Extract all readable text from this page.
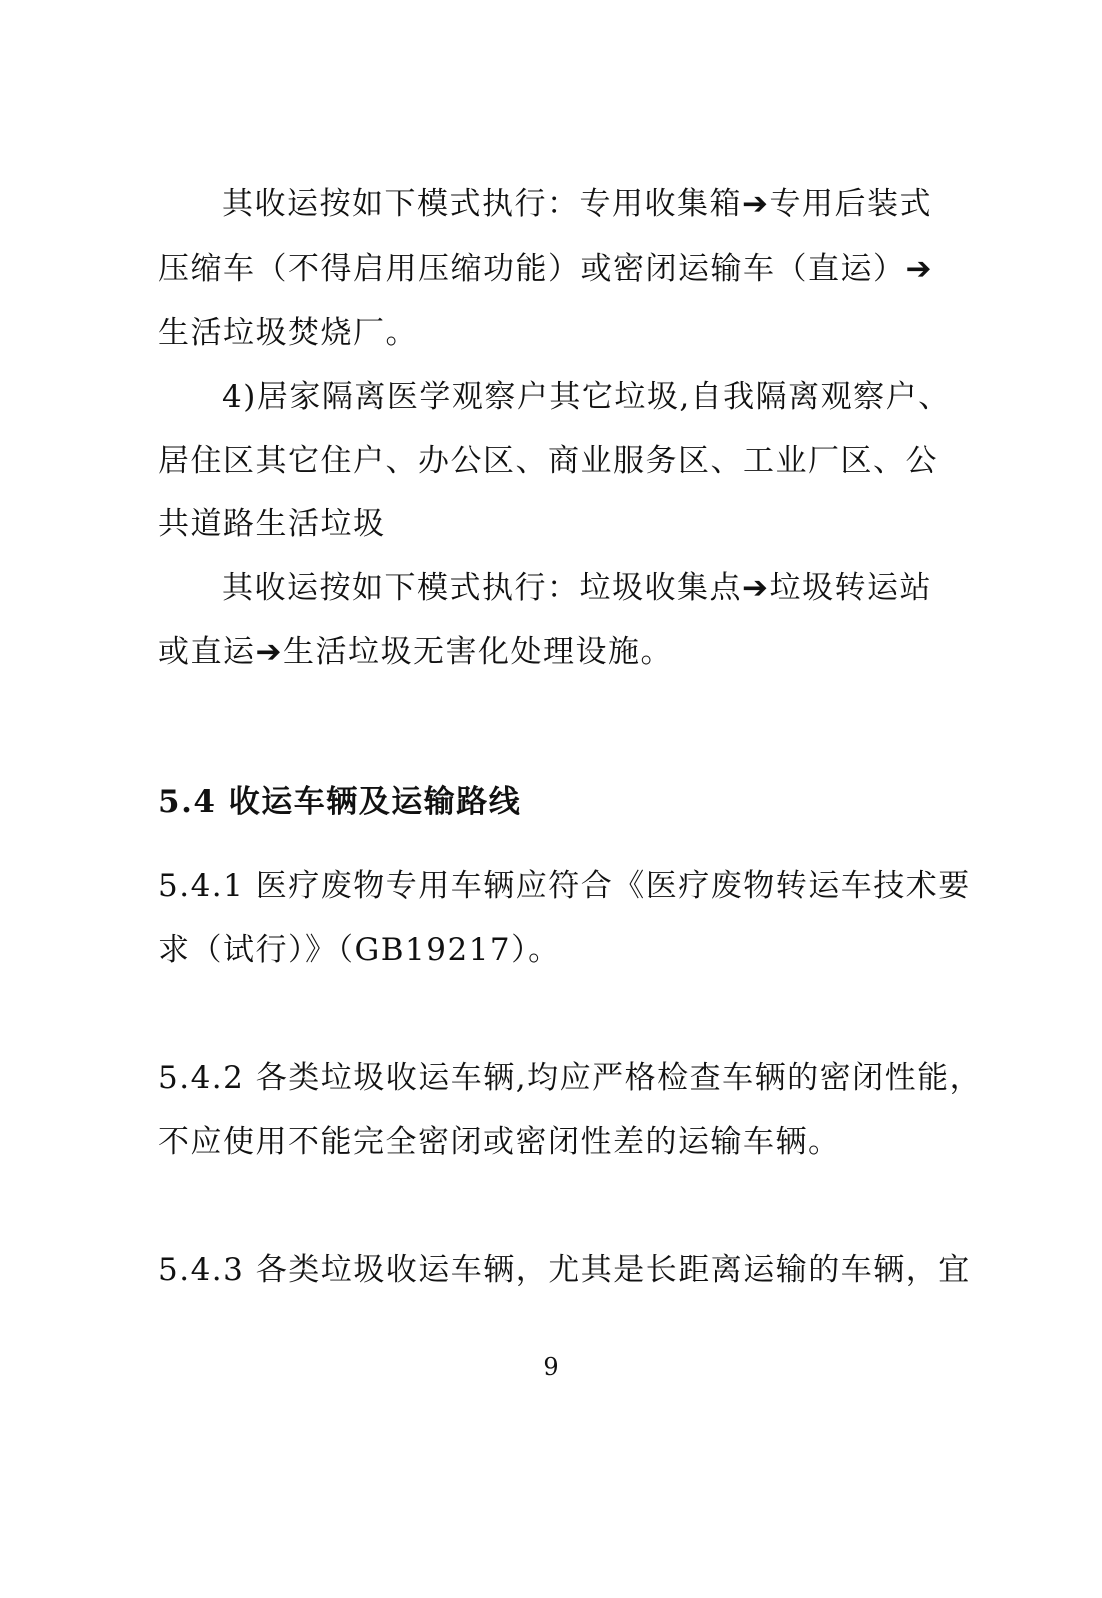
其收运按如下模式执行：专用收集箱➔专用后装式
压缩车（不得启用压缩功能）或密闭运输车（直运）➔
生活垃圾焚烧厂。
4)居家隔离医学观察户其它垃圾,自我隔离观察户、
居住区其它住户、办公区、商业服务区、工业厂区、公
共道路生活垃圾
其收运按如下模式执行：垃圾收集点➔垃圾转运站
或直运➔生活垃圾无害化处理设施。
5.4 收运车辆及运输路线
5.4.1 医疗废物专用车辆应符合《医疗废物转运车技术要
求（试行）》（GB19217）。
5.4.2 各类垃圾收运车辆,均应严格检查车辆的密闭性能，
不应使用不能完全密闭或密闭性差的运输车辆。
5.4.3 各类垃圾收运车辆，尤其是长距离运输的车辆，宜
9
